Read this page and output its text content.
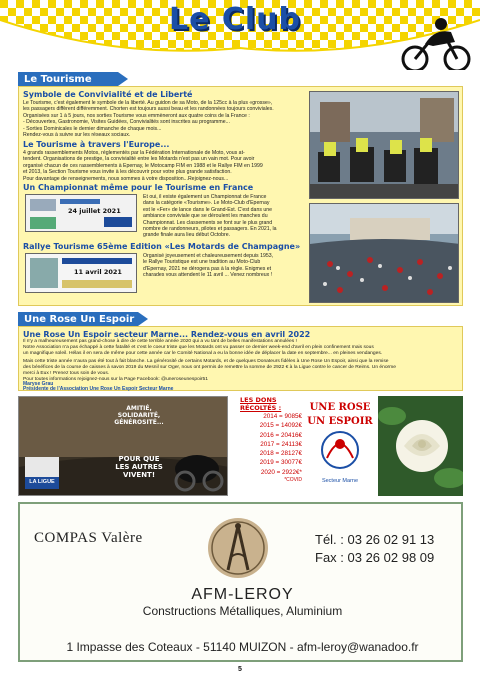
Le Club
Le Tourisme
Symbole de Convivialité et de Liberté
Le Tourisme, c'est également le symbole de la liberté. Au guidon de sa Moto, de la 125cc à la plus «grosse»,
les passagers diffèrent différemment. Chorten est toujours aussi beau et les randonnées toujours conviviales.
Organisées sur 1 à 5 jours, nos sorties Tourisme vous emmèneront aux quatre coins de la France :
- Découvertes, Gastronomie, Visites Guidées, Convivialités sont inscrites au programme...
- Sorties Dominicales le dernier dimanche de chaque mois...
Rendez-vous à suivre sur les réseaux sociaux.
Le Tourisme à travers l'Europe...
4 grands rassemblements Motos, réglementés par la Fédération Internationale de Moto, vous at-
tendent. Organisations de prestige, la convivialité entre les Motards n'est pas un vain mot. Pour avoir
organisé chacun de ces rassemblements à Epernay, le Motocamp FIM en 1988 et le Rallye FIM en 1999
et 2013, la Section Tourisme vous invite à les découvrir pour votre plus grande satisfaction.
Pour davantage de renseignements, nous sommes à votre disposition...Rejoignez-nous...
Un Championnat même pour le Tourisme en France
24 juillet 2021
Et oui, il existe également un Championnat de France
dans la catégorie «Tourisme». Le Moto-Club d'Epernay
est le «Fer» de lance dans le Grand-Est. C'est dans une
ambiance conviviale que se déroulent les manches du
Championnat. Les classements se font sur le plus grand
nombre de randonneurs, pilotes et passagers. En 2021, la
grande finale aura lieu début Octobre.
Rallye Tourisme 65ème Edition «Les Motards de Champagne»
11 avril 2021
Organisé joyeusement et chaleureusement depuis 1953,
le Rallye Touristique est une tradition au Moto-Club
d'Epernay, 2021 ne dérogera pas à la règle. Enigmes et
charades vous attendent le 11 avril ... Venez nombreux !
Une Rose Un Espoir
Une Rose Un Espoir secteur Marne... Rendez-vous en avril 2022
Il n'y a malheureusement pas grand-chose à dire de cette terrible année 2020 qui a vu tant de belles manifestations annulées !
Notre Association n'a pas échappé à cette fatalité et c'est le coeur triste que les Motards ont vu passer ce dernier week-end d'avril en plein confinement mais sous
un magnifique soleil. Hélas il en sera de même pour cette année car le Comité National a eu la bonne idée de déplacer la date en septembre... en pleines vendanges.
Mais cette triste année n'aura pas été tout à fait blanche. La générosité de certains Motards, et de quelques Donateurs fidèles à Une Rose Un Espoir, ainsi que la remise
des bénéfices de la course de caisses à savon 2019 du Mesnil sur Oger, nous ont permis de remettre la somme de 2922 € à la Ligue contre le cancer de Reims. Un énorme
merci à Eux ! Prenez tous soin de vous.
Pour toutes informations rejoignez-nous sur la Page Facebook: @uneroseunespoir51
Maryse Grau
Présidente de l'Association Une Rose Un Espoir Secteur Marne
AMITIÉ,
SOLIDARITÉ,
GÉNÉROSITÉ...
POUR QUE
LES AUTRES
VIVENT!
LA LIGUE
LES DONS RÉCOLTÉS :
2014 = 9085€
2015 = 14092€
2016 = 20416€
2017 = 24113€
2018 = 28127€
2019 = 30077€
2020 = 2922€*
*COVID
UNE ROSE
UN ESPOIR
Secteur Marne
COMPAS Valère	Tél. : 03 26 02 91 13
Fax : 03 26 02 98 09
AFM-LEROY
Constructions Métalliques, Aluminium
1 Impasse des Coteaux - 51140 MUIZON - afm-leroy@wanadoo.fr
5
